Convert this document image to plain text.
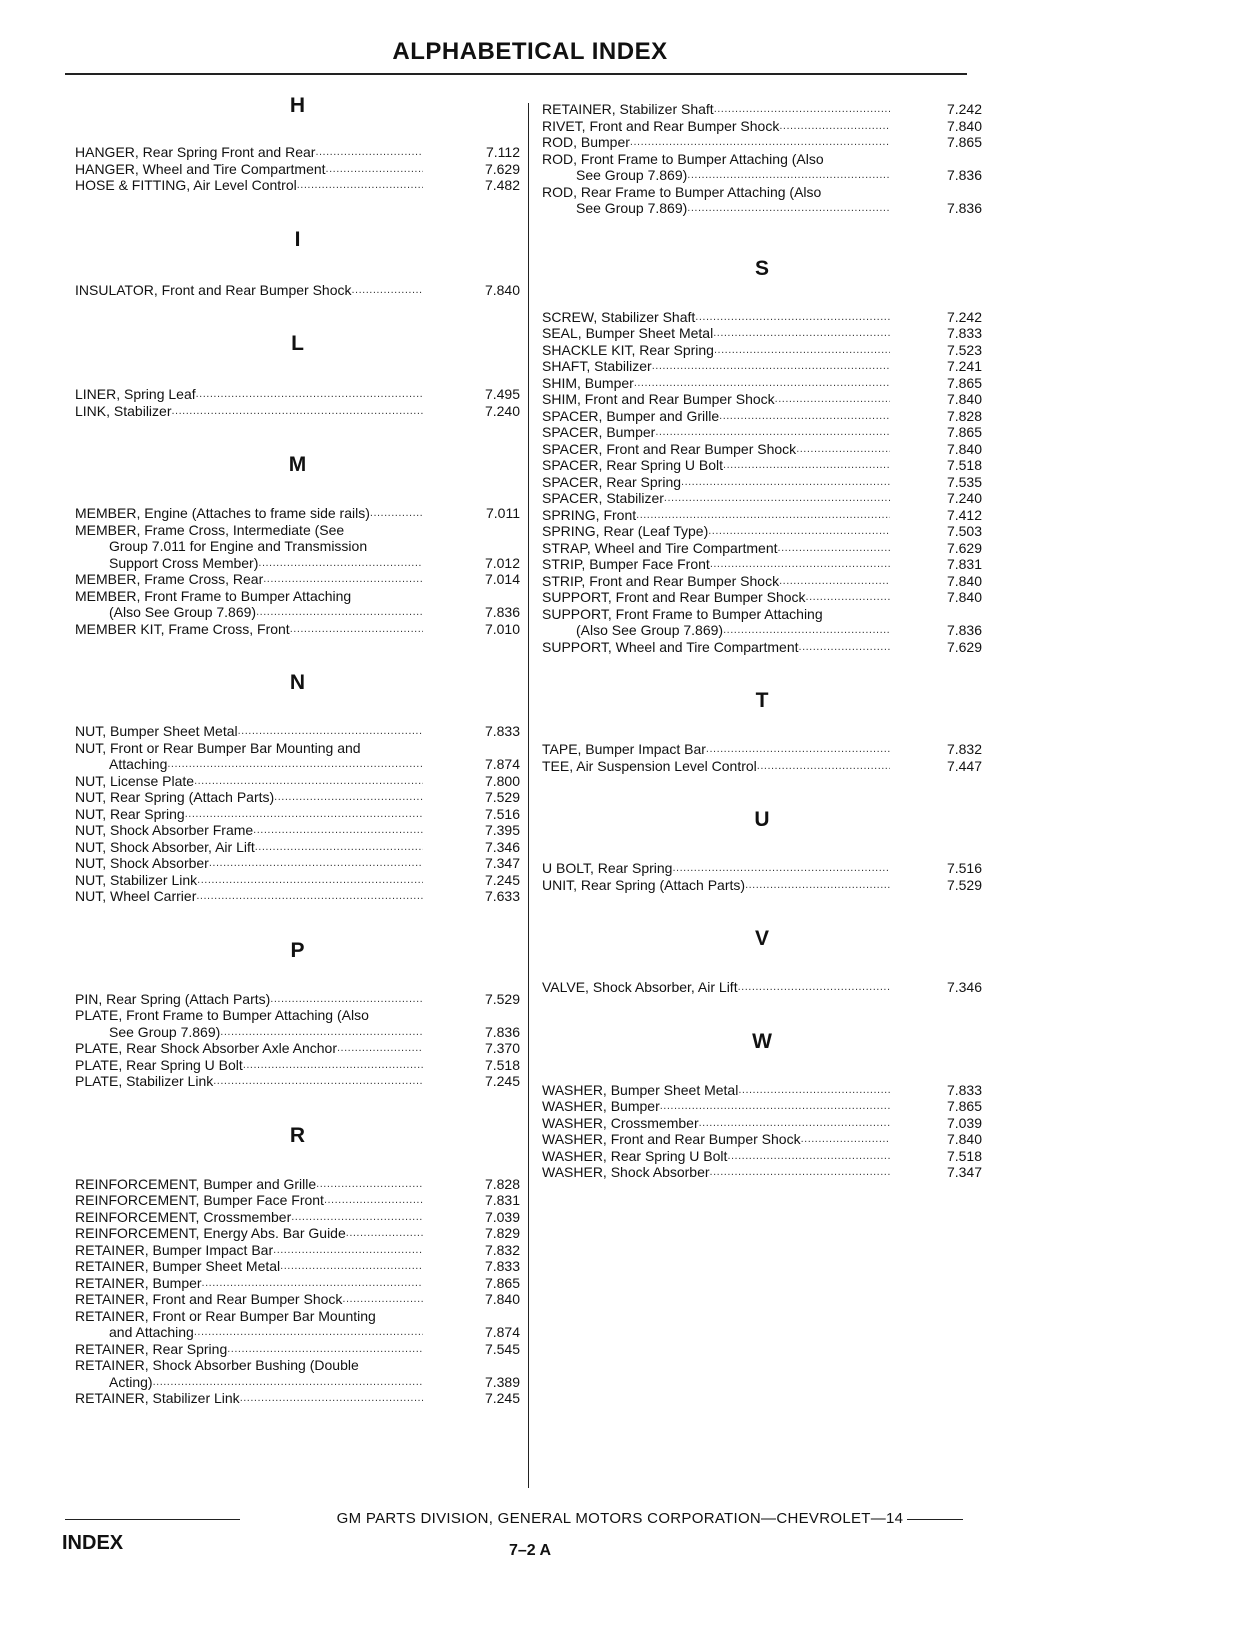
ALPHABETICAL INDEX
H
HANGER, Rear Spring Front and Rear .....	7.112
HANGER, Wheel and Tire Compartment .....	7.629
HOSE & FITTING, Air Level Control .....	7.482
I
INSULATOR, Front and Rear Bumper Shock .....	7.840
L
LINER, Spring Leaf .....	7.495
LINK, Stabilizer .....	7.240
M
MEMBER, Engine (Attaches to frame side rails) .....	7.011
MEMBER, Frame Cross, Intermediate (See
Group 7.011 for Engine and Transmission
Support Cross Member) .....	7.012
MEMBER, Frame Cross, Rear .....	7.014
MEMBER, Front Frame to Bumper Attaching
(Also See Group 7.869) .....	7.836
MEMBER KIT, Frame Cross, Front .....	7.010
N
NUT, Bumper Sheet Metal .....	7.833
NUT, Front or Rear Bumper Bar Mounting and
Attaching .....	7.874
NUT, License Plate .....	7.800
NUT, Rear Spring (Attach Parts) .....	7.529
NUT, Rear Spring .....	7.516
NUT, Shock Absorber Frame .....	7.395
NUT, Shock Absorber, Air Lift .....	7.346
NUT, Shock Absorber .....	7.347
NUT, Stabilizer Link .....	7.245
NUT, Wheel Carrier .....	7.633
P
PIN, Rear Spring (Attach Parts) .....	7.529
PLATE, Front Frame to Bumper Attaching (Also
See Group 7.869) .....	7.836
PLATE, Rear Shock Absorber Axle Anchor .....	7.370
PLATE, Rear Spring U Bolt .....	7.518
PLATE, Stabilizer Link .....	7.245
R
REINFORCEMENT, Bumper and Grille .....	7.828
REINFORCEMENT, Bumper Face Front .....	7.831
REINFORCEMENT, Crossmember .....	7.039
REINFORCEMENT, Energy Abs. Bar Guide .....	7.829
RETAINER, Bumper Impact Bar .....	7.832
RETAINER, Bumper Sheet Metal .....	7.833
RETAINER, Bumper .....	7.865
RETAINER, Front and Rear Bumper Shock .....	7.840
RETAINER, Front or Rear Bumper Bar Mounting
and Attaching .....	7.874
RETAINER, Rear Spring .....	7.545
RETAINER, Shock Absorber Bushing (Double
Acting) .....	7.389
RETAINER, Stabilizer Link .....	7.245
RETAINER, Stabilizer Shaft .....	7.242
RIVET, Front and Rear Bumper Shock .....	7.840
ROD, Bumper .....	7.865
ROD, Front Frame to Bumper Attaching (Also
See Group 7.869) .....	7.836
ROD, Rear Frame to Bumper Attaching (Also
See Group 7.869) .....	7.836
S
SCREW, Stabilizer Shaft .....	7.242
SEAL, Bumper Sheet Metal .....	7.833
SHACKLE KIT, Rear Spring .....	7.523
SHAFT, Stabilizer .....	7.241
SHIM, Bumper .....	7.865
SHIM, Front and Rear Bumper Shock .....	7.840
SPACER, Bumper and Grille .....	7.828
SPACER, Bumper .....	7.865
SPACER, Front and Rear Bumper Shock .....	7.840
SPACER, Rear Spring U Bolt .....	7.518
SPACER, Rear Spring .....	7.535
SPACER, Stabilizer .....	7.240
SPRING, Front .....	7.412
SPRING, Rear (Leaf Type) .....	7.503
STRAP, Wheel and Tire Compartment .....	7.629
STRIP, Bumper Face Front .....	7.831
STRIP, Front and Rear Bumper Shock .....	7.840
SUPPORT, Front and Rear Bumper Shock .....	7.840
SUPPORT, Front Frame to Bumper Attaching
(Also See Group 7.869) .....	7.836
SUPPORT, Wheel and Tire Compartment .....	7.629
T
TAPE, Bumper Impact Bar .....	7.832
TEE, Air Suspension Level Control .....	7.447
U
U BOLT, Rear Spring .....	7.516
UNIT, Rear Spring (Attach Parts) .....	7.529
V
VALVE, Shock Absorber, Air Lift .....	7.346
W
WASHER, Bumper Sheet Metal .....	7.833
WASHER, Bumper .....	7.865
WASHER, Crossmember .....	7.039
WASHER, Front and Rear Bumper Shock .....	7.840
WASHER, Rear Spring U Bolt .....	7.518
WASHER, Shock Absorber .....	7.347
GM PARTS DIVISION, GENERAL MOTORS CORPORATION—CHEVROLET—14
INDEX	7–2 A
